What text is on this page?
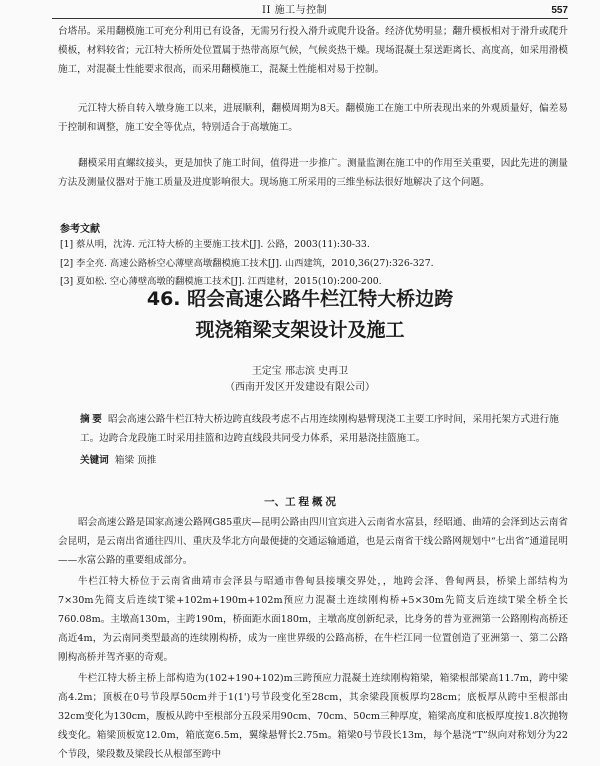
II 施工与控制	557

台塔吊。采用翻模施工可充分利用已有设备，无需另行投入滑升或爬升设备。经济优势明显；翻升模板相对于滑升或爬升模板，材料较省；元江特大桥所处位置属于热带高原气候，气候炎热干燥。现场混凝土泵送距离长、高度高，如采用滑模施工，对混凝土性能要求很高，而采用翻模施工，混凝土性能相对易于控制。

元江特大桥自转入墩身施工以来，进展顺利，翻模周期为8天。翻模施工在施工中所表现出来的外观质量好，偏差易于控制和调整，施工安全等优点，特别适合于高墩施工。

翻模采用直螺纹接头，更是加快了施工时间，值得进一步推广。测量监测在施工中的作用至关重要，因此先进的测量方法及测量仪器对于施工质量及进度影响很大。现场施工所采用的三维坐标法很好地解决了这个问题。

参考文献
[1] 蔡从明，沈涛. 元江特大桥的主要施工技术[J]. 公路，2003(11):30-33.
[2] 李全亮. 高速公路桥空心薄壁高墩翻模施工技术[J]. 山西建筑，2010,36(27):326-327.
[3] 夏如松. 空心薄壁高墩的翻模施工技术[J]. 江西建材，2015(10):200-200.
46. 昭会高速公路牛栏江特大桥边跨
现浇箱梁支架设计及施工
王定宝 邢志滨 史再卫
（西南开发区开发建设有限公司）
摘 要 昭会高速公路牛栏江特大桥边跨直线段考虑不占用连续刚构悬臂现浇工主要工序时间，采用托架方式进行施工。边跨合龙段施工时采用挂篮和边跨直线段共同受力体系，采用悬浇挂篮施工。
关键词 箱梁 顶推
一、工 程 概 况

昭会高速公路是国家高速公路网G85重庆—昆明公路由四川宜宾进入云南省水富县，经昭通、曲靖的会泽到达云南省会昆明，是云南出省通往四川、重庆及华北方向最便捷的交通运输通道，也是云南省干线公路网规划中“七出省”通道昆明——水富公路的重要组成部分。

牛栏江特大桥位于云南省曲靖市会泽县与昭通市鲁甸县接壤交界处，，地跨会泽、鲁甸两县，桥梁上部结构为7×30m先简支后连续T梁+102m+190m+102m预应力混凝土连续刚构桥+5×30m先简支后连续T梁全桥全长760.08m。主墩高130m，主跨190m，桥面距水面180m，主墩高度创新纪录，比身务的普为亚洲第一公路刚构高桥还高近4m，为云南同类型最高的连续刚构桥，成为一座世界级的公路高桥，在牛栏江同一位置创造了亚洲第一、第二公路刚构高桥并驾齐驱的奇观。

牛栏江特大桥主桥上部构造为(102+190+102)m三跨预应力混凝土连续刚构箱梁，箱梁根部梁高11.7m，跨中梁高4.2m；顶板在0号节段厚50cm并于1(1')号节段变化至28cm，其余梁段顶板厚均28cm；底板厚从跨中至根部由32cm变化为130cm，腹板从跨中至根部分五段采用90cm、70cm、50cm三种厚度，箱梁高度和底板厚度按1.8次抛物线变化。箱梁顶板宽12.0m，箱底宽6.5m，翼缘悬臂长2.75m。箱梁0号节段长13m，每个悬浇“T”纵向对称划分为22个节段，梁段数及梁段长从根部至跨中
